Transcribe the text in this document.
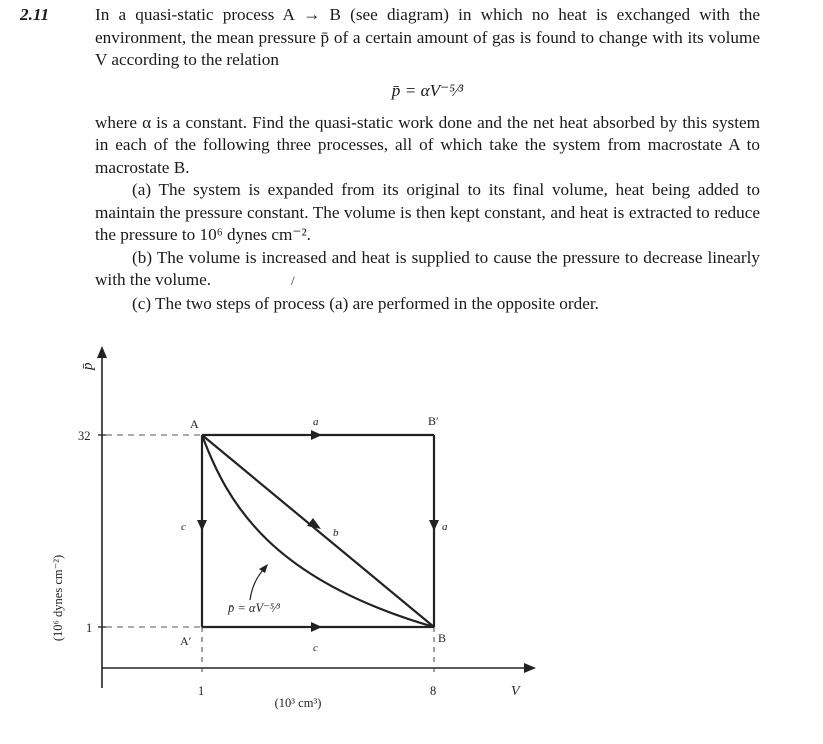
2.11	In a quasi-static process A → B (see diagram) in which no heat is exchanged with the environment, the mean pressure p̄ of a certain amount of gas is found to change with its volume V according to the relation

p̄ = αV⁻⁵⁄³

where α is a constant. Find the quasi-static work done and the net heat absorbed by this system in each of the following three processes, all of which take the system from macrostate A to macrostate B.

(a) The system is expanded from its original to its final volume, heat being added to maintain the pressure constant. The volume is then kept constant, and heat is extracted to reduce the pressure to 10⁶ dynes cm⁻².

(b) The volume is increased and heat is supplied to cause the pressure to decrease linearly with the volume.	/

(c) The two steps of process (a) are performed in the opposite order.

32
1
1	8
p̄
(10⁶ dynes cm⁻²)
V
(10³ cm³)
A	B′
A′	B
a
a
b
c
c
p̄ = αV⁻⁵⁄³
